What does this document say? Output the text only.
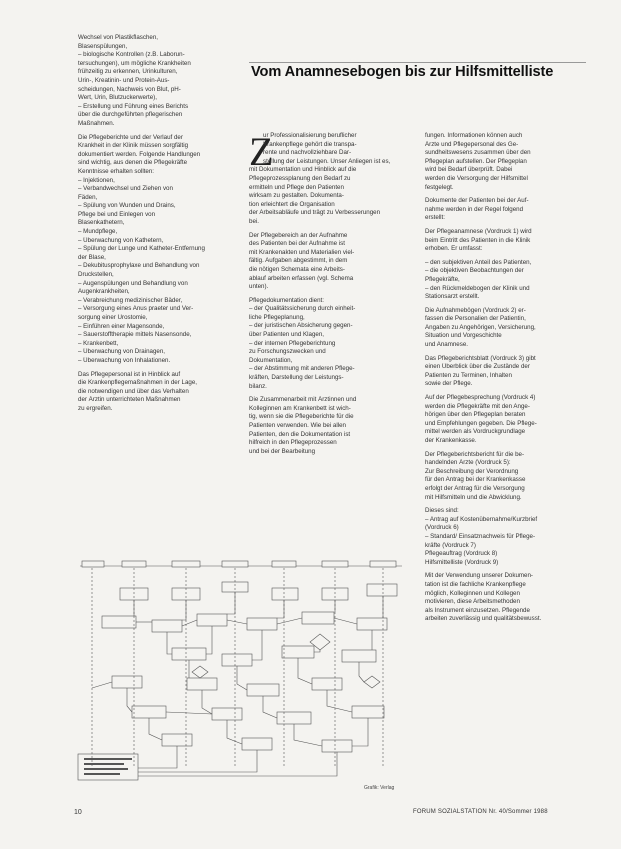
Wechsel von Plastikflaschen,
Blasenspülungen,
– biologische Kontrollen (z.B. Laborun-
tersuchungen), um mögliche Krankheiten
frühzeitig zu erkennen, Urinkulturen,
Urin-, Kreatinin- und Protein-Aus-
scheidungen, Nachweis von Blut, pH-
Wert, Urin, Blutzuckerwerte),
– Erstellung und Führung eines Berichts
über die durchgeführten pflegerischen
Maßnahmen.
Die Pflegeberichte und der Verlauf der
Krankheit in der Klinik müssen sorgfältig
dokumentiert werden. Folgende Handlungen
sind wichtig, aus denen die Pflegekräfte
Kenntnisse erhalten sollten:
– Injektionen,
– Verbandwechsel und Ziehen von
Fäden,
– Spülung von Wunden und Drains,
Pflege bei und Einlegen von
Blasenkathetern,
– Mundpflege,
– Überwachung von Kathetern,
– Spülung der Lunge und Katheter-Entfernung
der Blase,
– Dekubitusprophylaxe und Behandlung von
Druckstellen,
– Augenspülungen und Behandlung von
Augenkrankheiten,
– Verabreichung medizinischer Bäder,
– Versorgung eines Anus praeter und Ver-
sorgung einer Urostomie,
– Einführen einer Magensonde,
– Sauerstofftherapie mittels Nasensonde,
– Krankenbett,
– Überwachung von Drainagen,
– Überwachung von Inhalationen.
Das Pflegepersonal ist in Hinblick auf
die Krankenpflegemaßnahmen in der Lage,
die notwendigen und über das Verhalten
der Ärztin unterrichteten Maßnahmen
zu ergreifen.
Vom Anamnesebogen bis zur Hilfsmittelliste
Z
ur Professionalisierung beruflicher
Krankenpflege gehört die transpa-
rente und nachvollziehbare Dar-
stellung der Leistungen. Unser Anliegen ist es,
mit Dokumentation und Hinblick auf die
Pflegeprozessplanung den Bedarf zu
ermitteln und Pflege den Patienten
wirksam zu gestalten. Dokumenta-
tion erleichtert die Organisation
der Arbeitsabläufe und trägt zu Verbesserungen
bei.
Der Pflegebereich an der Aufnahme
des Patienten bei der Aufnahme ist
mit Krankenakten und Materialien viel-
fältig. Aufgaben abgestimmt, in dem
die nötigen Schemata eine Arbeits-
ablauf arbeiten erfassen (vgl. Schema
unten).
Pflegedokumentation dient:
– der Qualitätssicherung durch einheit-
liche Pflegeplanung,
– der juristischen Absicherung gegen-
über Patienten und Klagen,
– der internen Pflegeberichtung
zu Forschungszwecken und
Dokumentation,
– der Abstimmung mit anderen Pflege-
kräften, Darstellung der Leistungs-
bilanz.
Die Zusammenarbeit mit Ärztinnen und
Kolleginnen am Krankenbett ist wich-
tig, wenn sie die Pflegeberichte für die
Patienten verwenden. Wie bei allen
Patienten, den die Dokumentation ist
hilfreich in den Pflegeprozessen
und bei der Bearbeitung
fungen. Informationen können auch
Ärzte und Pflegepersonal des Ge-
sundheitswesens zusammen über den
Pflegeplan aufstellen. Der Pflegeplan
wird bei Bedarf überprüft. Dabei
werden die Versorgung der Hilfsmittel
festgelegt.
Dokumente der Patienten bei der Auf-
nahme werden in der Regel folgend
erstellt:
Der Pflegeanamnese (Vordruck 1) wird
beim Eintritt des Patienten in die Klinik
erhoben. Er umfasst:
– den subjektiven Anteil des Patienten,
– die objektiven Beobachtungen der
Pflegekräfte,
– den Rückmeldebogen der Klinik und
Stationsarzt erstellt.
Die Aufnahmebögen (Vordruck 2) er-
fassen die Personalien der Patientin,
Angaben zu Angehörigen, Versicherung,
Situation und Vorgeschichte
und Anamnese.
Das Pflegeberichtsblatt (Vordruck 3) gibt
einen Überblick über die Zustände der
Patienten zu Terminen, Inhalten
sowie der Pflege.
Auf der Pflegebesprechung (Vordruck 4)
werden die Pflegekräfte mit den Ange-
hörigen über den Pflegeplan beraten
und Empfehlungen gegeben. Die Pflege-
mittel werden als Vordruckgrundlage
der Krankenkasse.
Der Pflegeberichtsbericht für die be-
handelnden Ärzte (Vordruck 5):
Zur Beschreibung der Verordnung
für den Antrag bei der Krankenkasse
erfolgt der Antrag für die Versorgung
mit Hilfsmitteln und die Abwicklung.
Dieses sind:
– Antrag auf Kostenübernahme/Kurzbrief
(Vordruck 6)
– Standard/ Einsatznachweis für Pflege-
kräfte (Vordruck 7)
Pflegeauftrag (Vordruck 8)
Hilfsmittelliste (Vordruck 9)
Mit der Verwendung unserer Dokumen-
tation ist die fachliche Krankenpflege
möglich, Kolleginnen und Kollegen
motivieren, diese Arbeitsmethoden
als Instrument einzusetzen. Pflegende
arbeiten zuverlässig und qualitätsbewusst.
Grafik: Verlag
10	FORUM SOZIALSTATION Nr. 40/Sommer 1988
